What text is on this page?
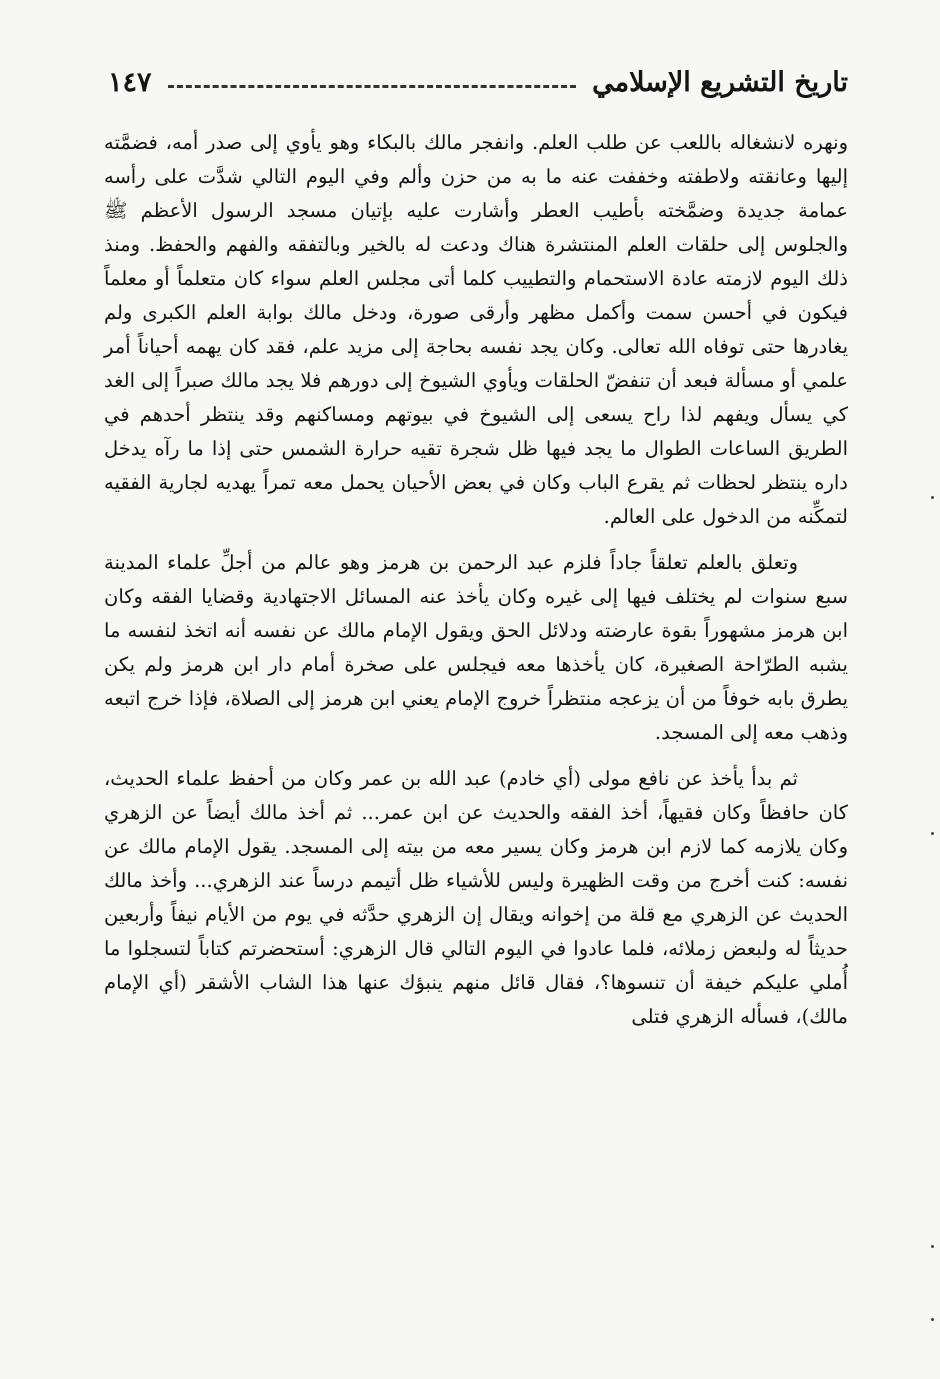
تاريخ التشريع الإسلامي
١٤٧

ونهره لانشغاله باللعب عن طلب العلم. وانفجر مالك بالبكاء وهو يأوي إلى صدر أمه، فضمَّته إليها وعانقته ولاطفته وخففت عنه ما به من حزن وألم وفي اليوم التالي شدَّت على رأسه عمامة جديدة وضمَّخته بأطيب العطر وأشارت عليه بإتيان مسجد الرسول الأعظم ﷺ والجلوس إلى حلقات العلم المنتشرة هناك ودعت له بالخير وبالتفقه والفهم والحفظ. ومنذ ذلك اليوم لازمته عادة الاستحمام والتطييب كلما أتى مجلس العلم سواء كان متعلماً أو معلماً فيكون في أحسن سمت وأكمل مظهر وأرقى صورة، ودخل مالك بوابة العلم الكبرى ولم يغادرها حتى توفاه الله تعالى. وكان يجد نفسه بحاجة إلى مزيد علم، فقد كان يهمه أحياناً أمر علمي أو مسألة فبعد أن تنفضّ الحلقات ويأوي الشيوخ إلى دورهم فلا يجد مالك صبراً إلى الغد كي يسأل ويفهم لذا راح يسعى إلى الشيوخ في بيوتهم ومساكنهم وقد ينتظر أحدهم في الطريق الساعات الطوال ما يجد فيها ظل شجرة تقيه حرارة الشمس حتى إذا ما رآه يدخل داره ينتظر لحظات ثم يقرع الباب وكان في بعض الأحيان يحمل معه تمراً يهديه لجارية الفقيه لتمكِّنه من الدخول على العالم.

وتعلق بالعلم تعلقاً جاداً فلزم عبد الرحمن بن هرمز وهو عالم من أجلِّ علماء المدينة سبع سنوات لم يختلف فيها إلى غيره وكان يأخذ عنه المسائل الاجتهادية وقضايا الفقه وكان ابن هرمز مشهوراً بقوة عارضته ودلائل الحق ويقول الإمام مالك عن نفسه أنه اتخذ لنفسه ما يشبه الطرّاحة الصغيرة، كان يأخذها معه فيجلس على صخرة أمام دار ابن هرمز ولم يكن يطرق بابه خوفاً من أن يزعجه منتظراً خروج الإمام يعني ابن هرمز إلى الصلاة، فإذا خرج اتبعه وذهب معه إلى المسجد.

ثم بدأ يأخذ عن نافع مولى (أي خادم) عبد الله بن عمر وكان من أحفظ علماء الحديث، كان حافظاً وكان فقيهاً، أخذ الفقه والحديث عن ابن عمر... ثم أخذ مالك أيضاً عن الزهري وكان يلازمه كما لازم ابن هرمز وكان يسير معه من بيته إلى المسجد. يقول الإمام مالك عن نفسه: كنت أخرج من وقت الظهيرة وليس للأشياء ظل أتيمم درساً عند الزهري... وأخذ مالك الحديث عن الزهري مع قلة من إخوانه ويقال إن الزهري حدَّثه في يوم من الأيام نيفاً وأربعين حديثاً له ولبعض زملائه، فلما عادوا في اليوم التالي قال الزهري: أستحضرتم كتاباً لتسجلوا ما أُملي عليكم خيفة أن تنسوها؟، فقال قائل منهم ينبؤك عنها هذا الشاب الأشقر (أي الإمام مالك)، فسأله الزهري فتلى
